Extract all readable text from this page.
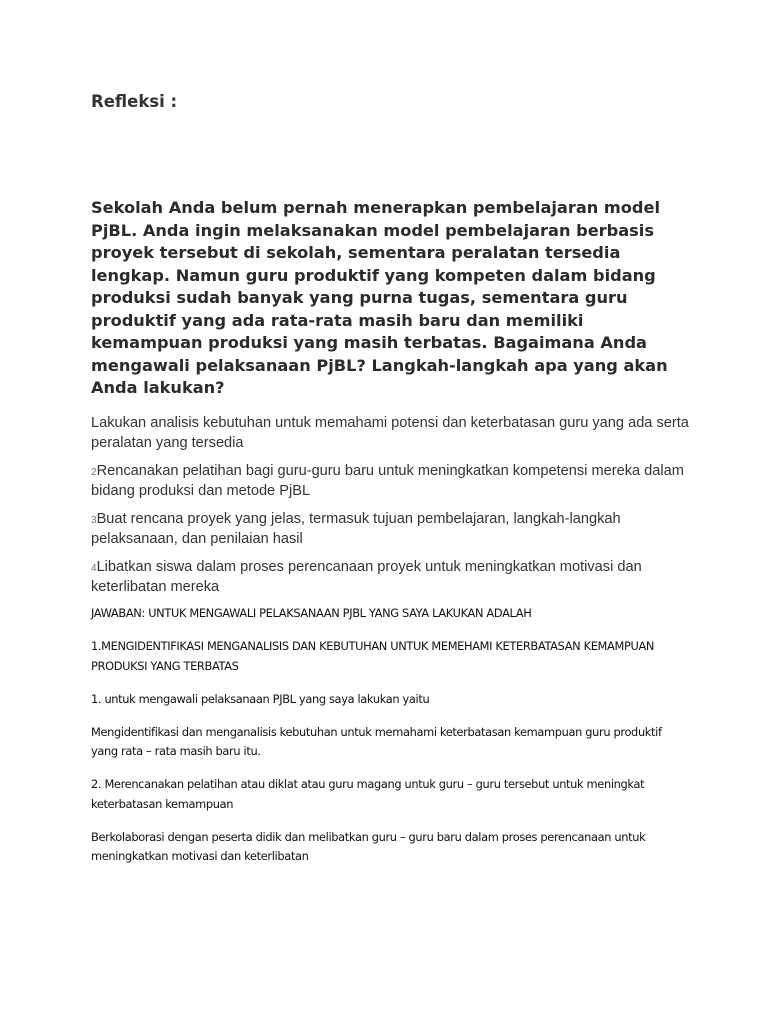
Refleksi :

Sekolah Anda belum pernah menerapkan pembelajaran model PjBL. Anda ingin melaksanakan model pembelajaran berbasis proyek tersebut di sekolah, sementara peralatan tersedia lengkap. Namun guru produktif yang kompeten dalam bidang produksi sudah banyak yang purna tugas, sementara guru produktif yang ada rata-rata masih baru dan memiliki kemampuan produksi yang masih terbatas. Bagaimana Anda mengawali pelaksanaan PjBL? Langkah-langkah apa yang akan Anda lakukan?

Lakukan analisis kebutuhan untuk memahami potensi dan keterbatasan guru yang ada serta peralatan yang tersedia

2Rencanakan pelatihan bagi guru-guru baru untuk meningkatkan kompetensi mereka dalam bidang produksi dan metode PjBL

3Buat rencana proyek yang jelas, termasuk tujuan pembelajaran, langkah-langkah pelaksanaan, dan penilaian hasil

4Libatkan siswa dalam proses perencanaan proyek untuk meningkatkan motivasi dan keterlibatan mereka

JAWABAN: UNTUK MENGAWALI PELAKSANAAN PJBL YANG SAYA LAKUKAN ADALAH

1.MENGIDENTIFIKASI MENGANALISIS DAN KEBUTUHAN UNTUK MEMEHAMI KETERBATASAN KEMAMPUAN PRODUKSI YANG TERBATAS

1. untuk mengawali pelaksanaan PJBL yang saya lakukan yaitu

Mengidentifikasi dan menganalisis kebutuhan untuk memahami keterbatasan kemampuan guru produktif yang rata – rata masih baru itu.

2. Merencanakan pelatihan atau diklat atau guru magang untuk guru – guru tersebut untuk meningkat keterbatasan kemampuan

Berkolaborasi dengan peserta didik dan melibatkan guru – guru baru dalam proses perencanaan untuk meningkatkan motivasi dan keterlibatan
